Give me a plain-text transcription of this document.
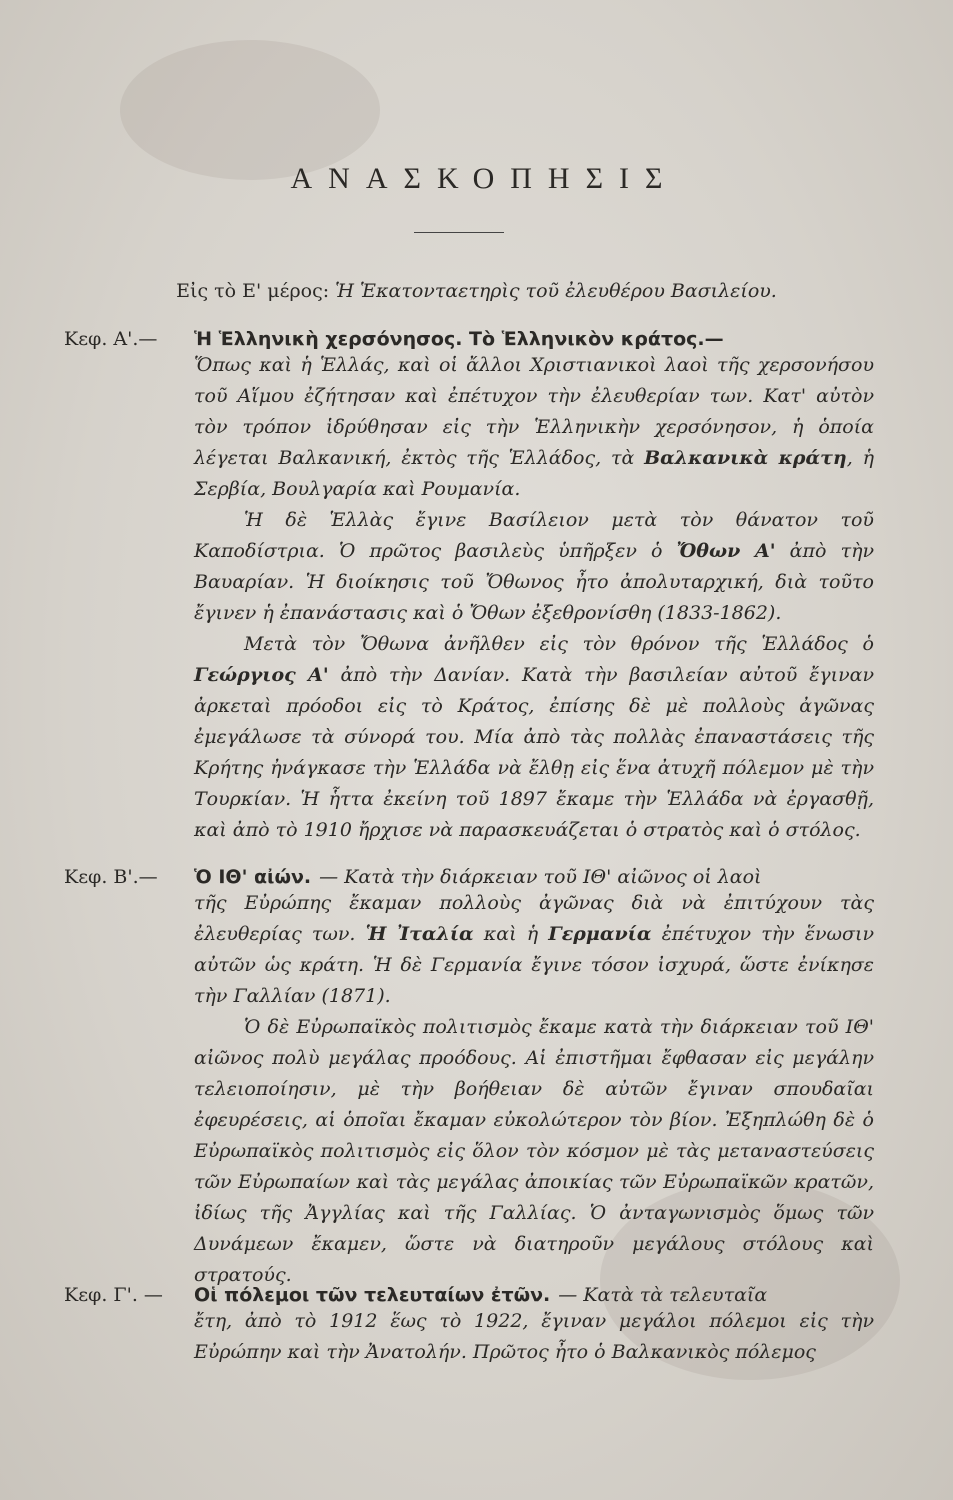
ΑΝΑΣΚΟΠΗΣΙΣ
Εἰς τὸ Ε' μέρος: Ἡ Ἑκατονταετηρὶς τοῦ ἐλευθέρου Βασιλείου.
Κεφ. Α'.—	Ἡ Ἑλληνικὴ χερσόνησος. Τὸ Ἑλληνικὸν κράτος.—

Ὅπως καὶ ἡ Ἑλλάς, καὶ οἱ ἄλλοι Χριστιανικοὶ λαοὶ τῆς χερσονήσου τοῦ Αἵμου ἐζήτησαν καὶ ἐπέτυχον τὴν ἐλευθερίαν των. Κατ' αὐτὸν τὸν τρόπον ἱδρύθησαν εἰς τὴν Ἑλληνικὴν χερσόνησον, ἡ ὁποία λέγεται Βαλκανική, ἐκτὸς τῆς Ἑλλάδος, τὰ Βαλκανικὰ κράτη, ἡ Σερβία, Βουλγαρία καὶ Ρουμανία.

Ἡ δὲ Ἑλλὰς ἔγινε Βασίλειον μετὰ τὸν θάνατον τοῦ Καποδίστρια. Ὁ πρῶτος βασιλεὺς ὑπῆρξεν ὁ Ὄθων Α' ἀπὸ τὴν Βαυαρίαν. Ἡ διοίκησις τοῦ Ὄθωνος ἦτο ἀπολυταρχική, διὰ τοῦτο ἔγινεν ἡ ἐπανάστασις καὶ ὁ Ὄθων ἐξεθρονίσθη (1833-1862).

Μετὰ τὸν Ὄθωνα ἀνῆλθεν εἰς τὸν θρόνον τῆς Ἑλλάδος ὁ Γεώργιος Α' ἀπὸ τὴν Δανίαν. Κατὰ τὴν βασιλείαν αὐτοῦ ἔγιναν ἀρκεταὶ πρόοδοι εἰς τὸ Κράτος, ἐπίσης δὲ μὲ πολλοὺς ἀγῶνας ἐμεγάλωσε τὰ σύνορά του. Μία ἀπὸ τὰς πολλὰς ἐπαναστάσεις τῆς Κρήτης ἠνάγκασε τὴν Ἑλλάδα νὰ ἔλθῃ εἰς ἕνα ἀτυχῆ πόλεμον μὲ τὴν Τουρκίαν. Ἡ ἧττα ἐκείνη τοῦ 1897 ἔκαμε τὴν Ἑλλάδα νὰ ἐργασθῇ, καὶ ἀπὸ τὸ 1910 ἤρχισε νὰ παρασκευάζεται ὁ στρατὸς καὶ ὁ στόλος.

Κεφ. Β'.—	Ὁ ΙΘ' αἰών. — Κατὰ τὴν διάρκειαν τοῦ ΙΘ' αἰῶνος οἱ λαοὶ

τῆς Εὐρώπης ἔκαμαν πολλοὺς ἀγῶνας διὰ νὰ ἐπιτύχουν τὰς ἐλευθερίας των. Ἡ Ἰταλία καὶ ἡ Γερμανία ἐπέτυχον τὴν ἕνωσιν αὐτῶν ὡς κράτη. Ἡ δὲ Γερμανία ἔγινε τόσον ἰσχυρά, ὥστε ἐνίκησε τὴν Γαλλίαν (1871).

Ὁ δὲ Εὐρωπαϊκὸς πολιτισμὸς ἔκαμε κατὰ τὴν διάρκειαν τοῦ ΙΘ' αἰῶνος πολὺ μεγάλας προόδους. Αἱ ἐπιστῆμαι ἔφθασαν εἰς μεγάλην τελειοποίησιν, μὲ τὴν βοήθειαν δὲ αὐτῶν ἔγιναν σπουδαῖαι ἐφευρέσεις, αἱ ὁποῖαι ἔκαμαν εὐκολώτερον τὸν βίον. Ἐξηπλώθη δὲ ὁ Εὐρωπαϊκὸς πολιτισμὸς εἰς ὅλον τὸν κόσμον μὲ τὰς μεταναστεύσεις τῶν Εὐρωπαίων καὶ τὰς μεγάλας ἀποικίας τῶν Εὐρωπαϊκῶν κρατῶν, ἰδίως τῆς Ἀγγλίας καὶ τῆς Γαλλίας. Ὁ ἀνταγωνισμὸς ὅμως τῶν Δυνάμεων ἔκαμεν, ὥστε νὰ διατηροῦν μεγάλους στόλους καὶ στρατούς.

Κεφ. Γ'. —	Οἱ πόλεμοι τῶν τελευταίων ἐτῶν. — Κατὰ τὰ τελευταῖα

ἔτη, ἀπὸ τὸ 1912 ἕως τὸ 1922, ἔγιναν μεγάλοι πόλεμοι εἰς τὴν Εὐρώπην καὶ τὴν Ἀνατολήν. Πρῶτος ἦτο ὁ Βαλκανικὸς πόλεμος
